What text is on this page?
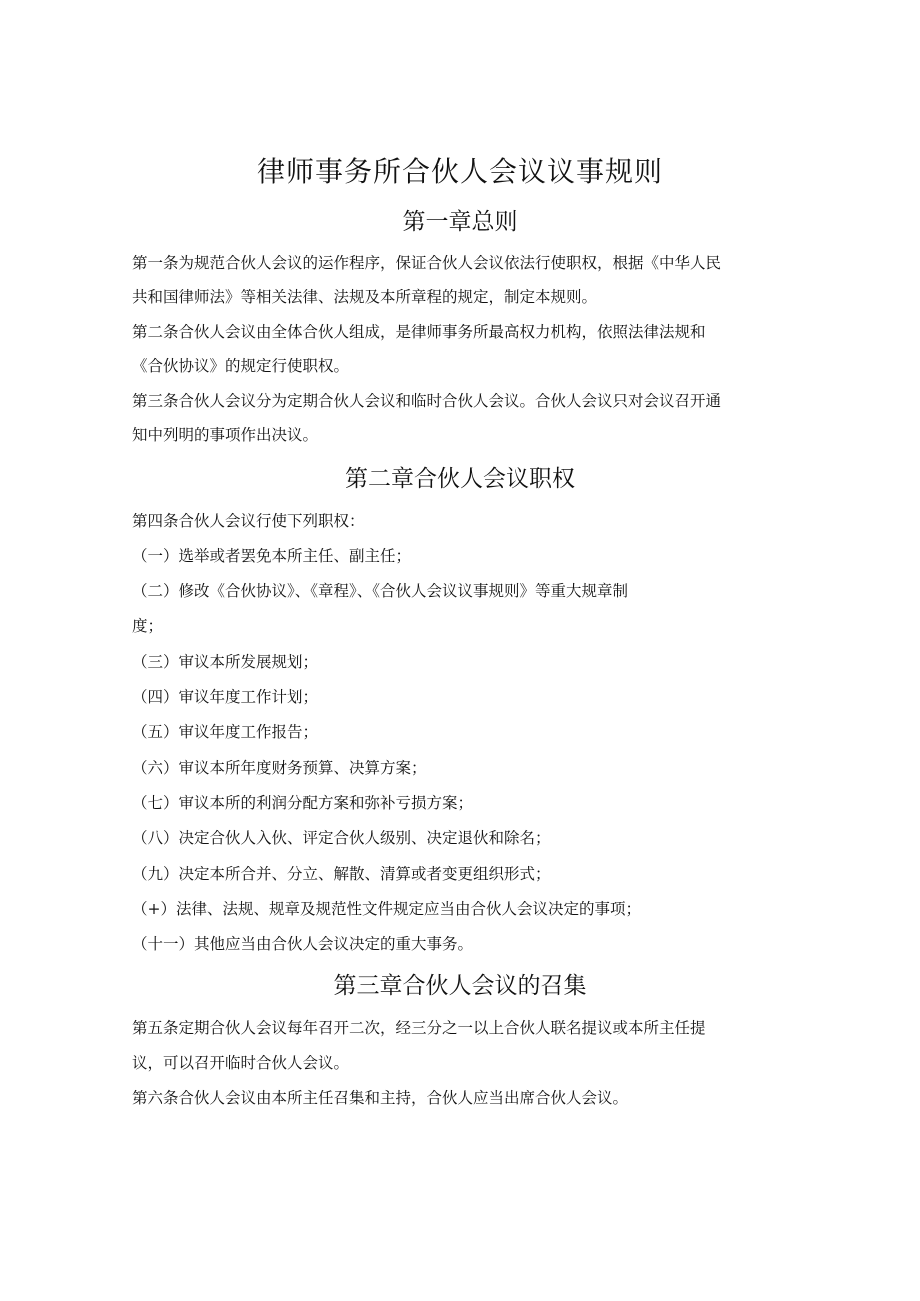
律师事务所合伙人会议议事规则
第一章总则
第一条为规范合伙人会议的运作程序，保证合伙人会议依法行使职权，根据《中华人民
共和国律师法》等相关法律、法规及本所章程的规定，制定本规则。
第二条合伙人会议由全体合伙人组成，是律师事务所最高权力机构，依照法律法规和
《合伙协议》的规定行使职权。
第三条合伙人会议分为定期合伙人会议和临时合伙人会议。合伙人会议只对会议召开通
知中列明的事项作出决议。
第二章合伙人会议职权
第四条合伙人会议行使下列职权：
（一）选举或者罢免本所主任、副主任；
（二）修改《合伙协议》、《章程》、《合伙人会议议事规则》等重大规章制
度；
（三）审议本所发展规划；
（四）审议年度工作计划；
（五）审议年度工作报告；
（六）审议本所年度财务预算、决算方案；
（七）审议本所的利润分配方案和弥补亏损方案；
（八）决定合伙人入伙、评定合伙人级别、决定退伙和除名；
（九）决定本所合并、分立、解散、清算或者变更组织形式；
（+）法律、法规、规章及规范性文件规定应当由合伙人会议决定的事项；
（十一）其他应当由合伙人会议决定的重大事务。
第三章合伙人会议的召集
第五条定期合伙人会议每年召开二次，经三分之一以上合伙人联名提议或本所主任提
议，可以召开临时合伙人会议。
第六条合伙人会议由本所主任召集和主持，合伙人应当出席合伙人会议。
